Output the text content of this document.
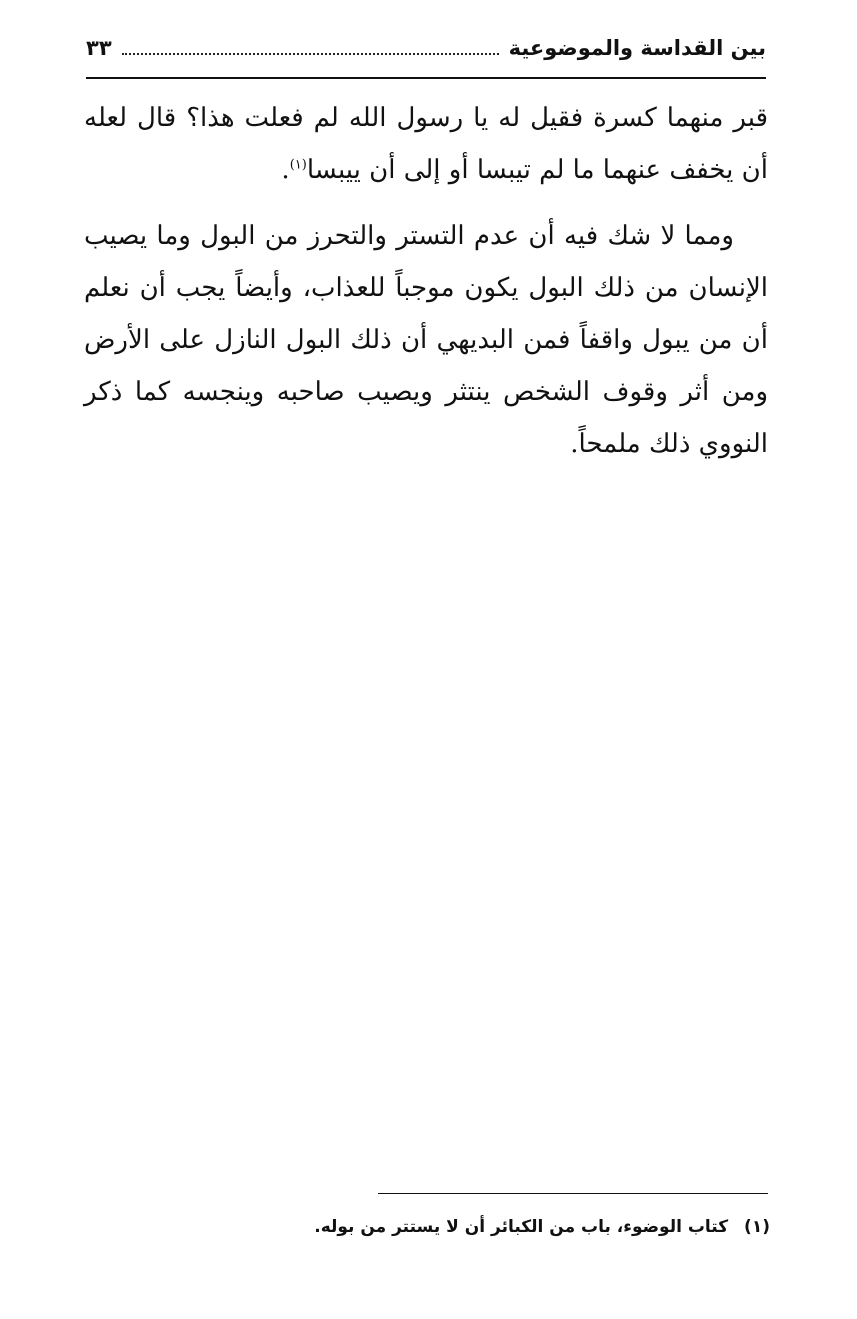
بين القداسة والموضوعية
٣٣

قبر منهما كسرة فقيل له يا رسول الله لم فعلت هذا؟ قال لعله أن يخفف عنهما ما لم تيبسا أو إلى أن ييبسا$^{(١)}$.

ومما لا شك فيه أن عدم التستر والتحرز من البول وما يصيب الإنسان من ذلك البول يكون موجباً للعذاب، وأيضاً يجب أن نعلم أن من يبول واقفاً فمن البديهي أن ذلك البول النازل على الأرض ومن أثر وقوف الشخص ينتثر ويصيب صاحبه وينجسه كما ذكر النووي ذلك ملمحاً.

(١) كتاب الوضوء، باب من الكبائر أن لا يستتر من بوله.
